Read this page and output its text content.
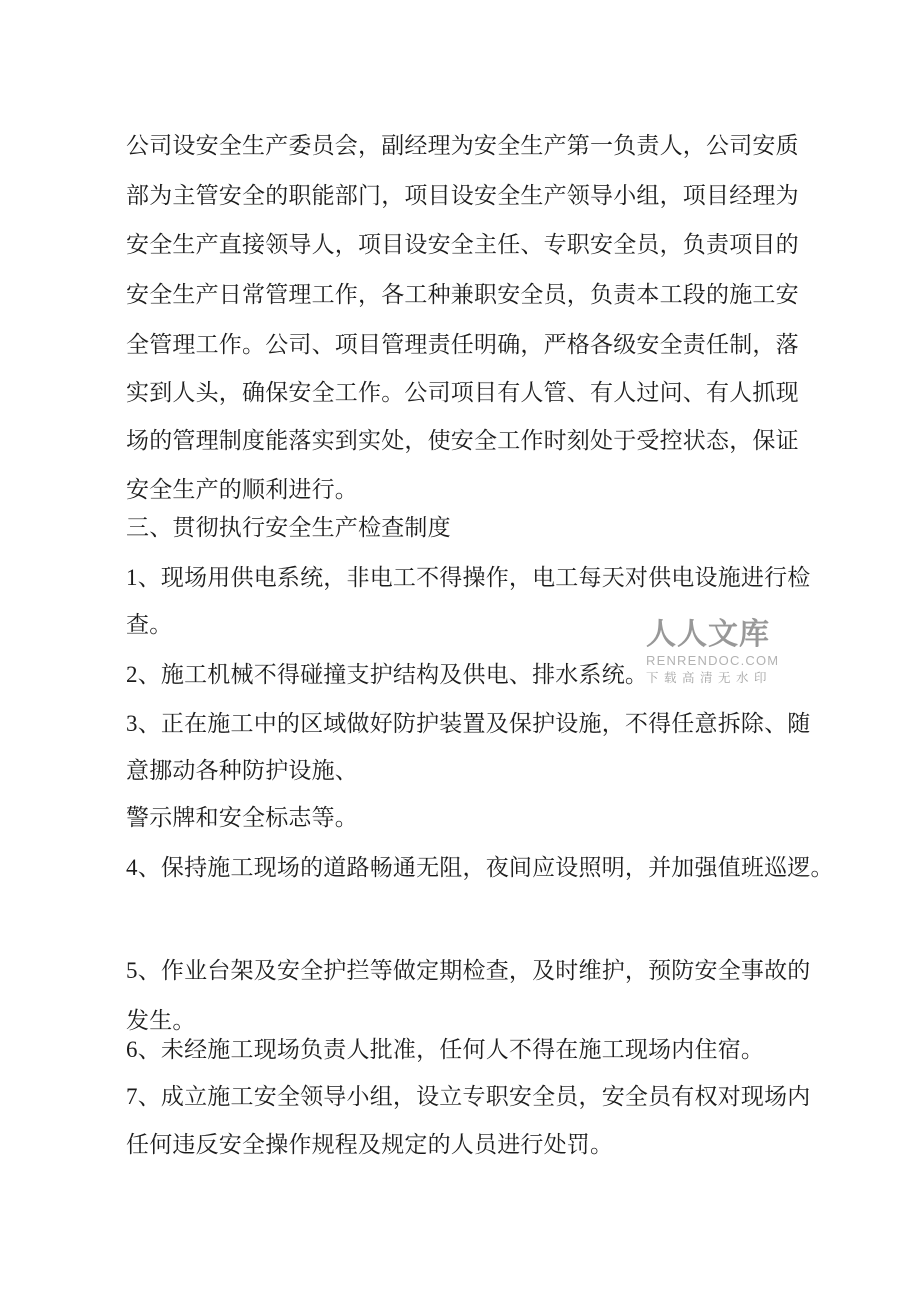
公司设安全生产委员会，副经理为安全生产第一负责人，公司安质
部为主管安全的职能部门，项目设安全生产领导小组，项目经理为
安全生产直接领导人，项目设安全主任、专职安全员，负责项目的
安全生产日常管理工作，各工种兼职安全员，负责本工段的施工安
全管理工作。公司、项目管理责任明确，严格各级安全责任制，落
实到人头，确保安全工作。公司项目有人管、有人过问、有人抓现
场的管理制度能落实到实处，使安全工作时刻处于受控状态，保证
安全生产的顺利进行。
三、贯彻执行安全生产检查制度
1、现场用供电系统，非电工不得操作，电工每天对供电设施进行检
查。
2、施工机械不得碰撞支护结构及供电、排水系统。
3、正在施工中的区域做好防护装置及保护设施，不得任意拆除、随
意挪动各种防护设施、
警示牌和安全标志等。
4、保持施工现场的道路畅通无阻，夜间应设照明，并加强值班巡逻。
5、作业台架及安全护拦等做定期检查，及时维护，预防安全事故的
发生。
6、未经施工现场负责人批准，任何人不得在施工现场内住宿。
7、成立施工安全领导小组，设立专职安全员，安全员有权对现场内
任何违反安全操作规程及规定的人员进行处罚。
人人文库
RENRENDOC.COM
下载高清无水印
